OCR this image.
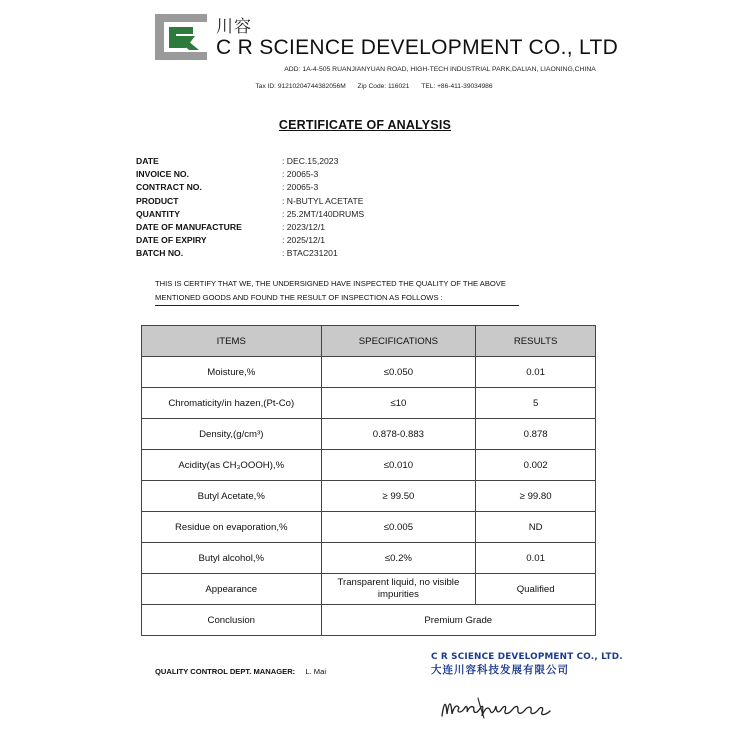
川容
C R SCIENCE DEVELOPMENT CO., LTD
ADD: 1A-4-505 RUANJIANYUAN ROAD, HIGH-TECH INDUSTRIAL PARK,DALIAN, LIAONING,CHINA
Tax ID: 91210204744382056M Zip Code: 116021 TEL: +86-411-39034986
CERTIFICATE OF ANALYSIS
DATE	: DEC.15,2023
INVOICE NO.	: 20065-3
CONTRACT NO.	: 20065-3
PRODUCT	: N-BUTYL ACETATE
QUANTITY	: 25.2MT/140DRUMS
DATE OF MANUFACTURE	: 2023/12/1
DATE OF EXPIRY	: 2025/12/1
BATCH NO.	: BTAC231201
THIS IS CERTIFY THAT WE, THE UNDERSIGNED HAVE INSPECTED THE QUALITY OF THE ABOVE
MENTIONED GOODS AND FOUND THE RESULT OF INSPECTION AS FOLLOWS :
ITEMS	SPECIFICATIONS	RESULTS
Moisture,%	≤0.050	0.01
Chromaticity/in hazen,(Pt-Co)	≤10	5
Density,(g/cm³)	0.878-0.883	0.878
Acidity(as CH₃OOOH),%	≤0.010	0.002
Butyl Acetate,%	≥ 99.50	≥ 99.80
Residue on evaporation,%	≤0.005	ND
Butyl alcohol,%	≤0.2%	0.01
Appearance	Transparent liquid, no visible impurities	Qualified
Conclusion	Premium Grade	
QUALITY CONTROL DEPT. MANAGER: L. Mai
C R SCIENCE DEVELOPMENT CO., LTD.
大连川容科技发展有限公司
